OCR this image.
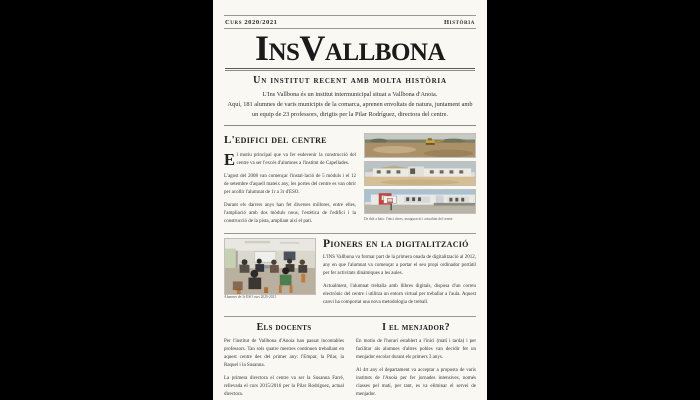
Curs 2020/2021	Història
InsVallbona
Un institut recent amb molta història
L'Ins Vallbona és un institut intermunicipal situat a Vallbona d'Anoia.
Aquí, 181 alumnes de varis municipis de la comarca, aprenen envoltats de natura, juntament amb un equip de 23 professors, dirigits per la Pilar Rodríguez, directora del centre.
L'edifici del centre
El motiu principal que va fer esdevenir la construcció del centre va ser l'excés d'alumnes a l'institut de Capellades.
L'agost del 2008 van començar l'instal·lació de 5 mòduls i el 12 de setembre d'aquell mateix any, les portes del centre es van obrir per acollir l'alumnat de 1r a 3r d'ESO.
Durant els darrers anys han fet diverses millores, entre elles, l'ampliació amb dos mòduls nous, l'estètica de l'edifici i la construcció de la pista, ampliant així el pati.	De dalt a baix: l'inici obres, inauguració i actualitat del centre.
Alumnes de 3r ESO curs 2020-2021
Pioners en la digitalització
L'INS Vallbona va formar part de la primera onada de digitalització al 2012, any en que l'alumnat va començar a portar el seu propi ordinador portàtil per fer activitats dinàmiques a les aules.
Actualment, l'alumnat treballa amb llibres digitals, disposa d'un correu electrònic del centre i utilitza un entorn virtual per treballar a l'aula. Aquest canvi ha comportat una nova metodologia de treball.
Els docents
Per l'institut de Vallbona d'Anoia han passat incontables professors. Tan sols quatre mestres continuen treballant en aquest centre des del primer any: l'Empar, la Pilar, la Raquel i la Susanna.
La primera directora el centre va ser la Susanna Farré, rellevada el curs 2015/2016 per la Pilar Rodríguez, actual directora.
I el menjador?
En motiu de l'horari establert a l'inici (matí i tarda) i per facilitar als alumnes d'altres pobles van decidir fer un menjador escolar durant els primers 3 anys.
Al 4rt any el departament va acceptar a proposta de varis instituts de l'Anoia per fer jornades intensives, només classes pel matí, per tant, es va eliminar el servei de menjador.
